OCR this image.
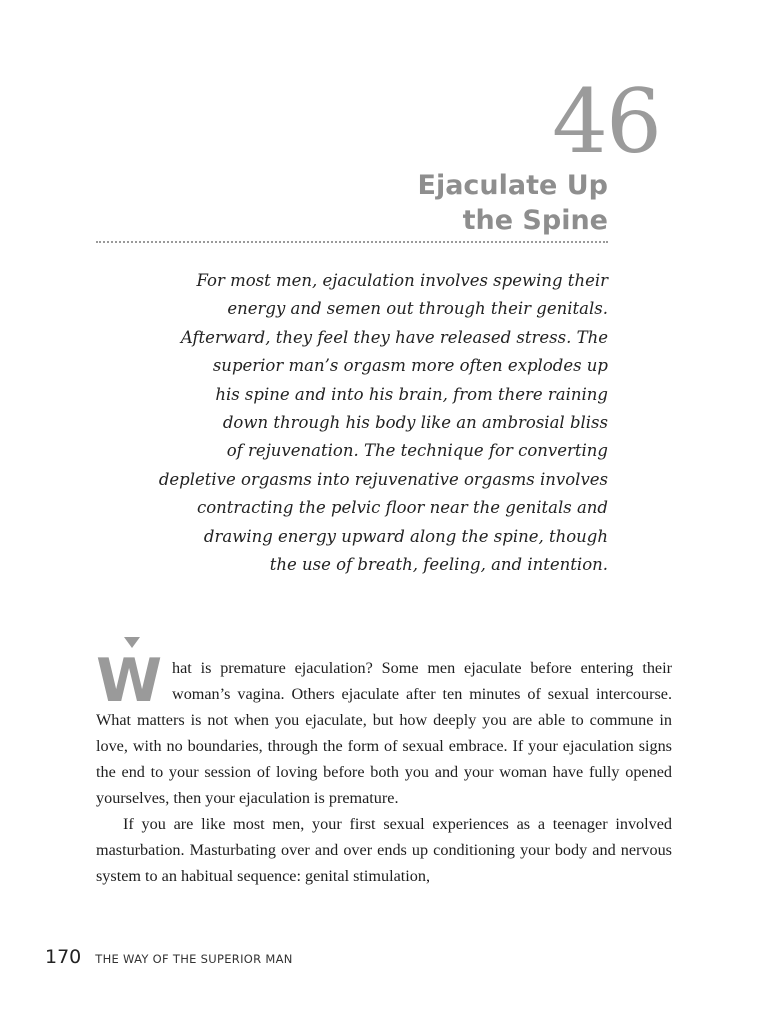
46
Ejaculate Up
the Spine
For most men, ejaculation involves spewing their
energy and semen out through their genitals.
Afterward, they feel they have released stress. The
superior man’s orgasm more often explodes up
his spine and into his brain, from there raining
down through his body like an ambrosial bliss
of rejuvenation. The technique for converting
depletive orgasms into rejuvenative orgasms involves
contracting the pelvic floor near the genitals and
drawing energy upward along the spine, though
the use of breath, feeling, and intention.

W hat is premature ejaculation? Some men ejaculate before entering their woman’s vagina. Others ejaculate after ten minutes of sexual intercourse. What matters is not when you ejaculate, but how deeply you are able to commune in love, with no boundaries, through the form of sexual embrace. If your ejaculation signs the end to your session of loving before both you and your woman have fully opened yourselves, then your ejaculation is premature.

If you are like most men, your first sexual experiences as a teenager involved masturbation. Masturbating over and over ends up conditioning your body and nervous system to an habitual sequence: genital stimulation,

170 THE WAY OF THE SUPERIOR MAN
